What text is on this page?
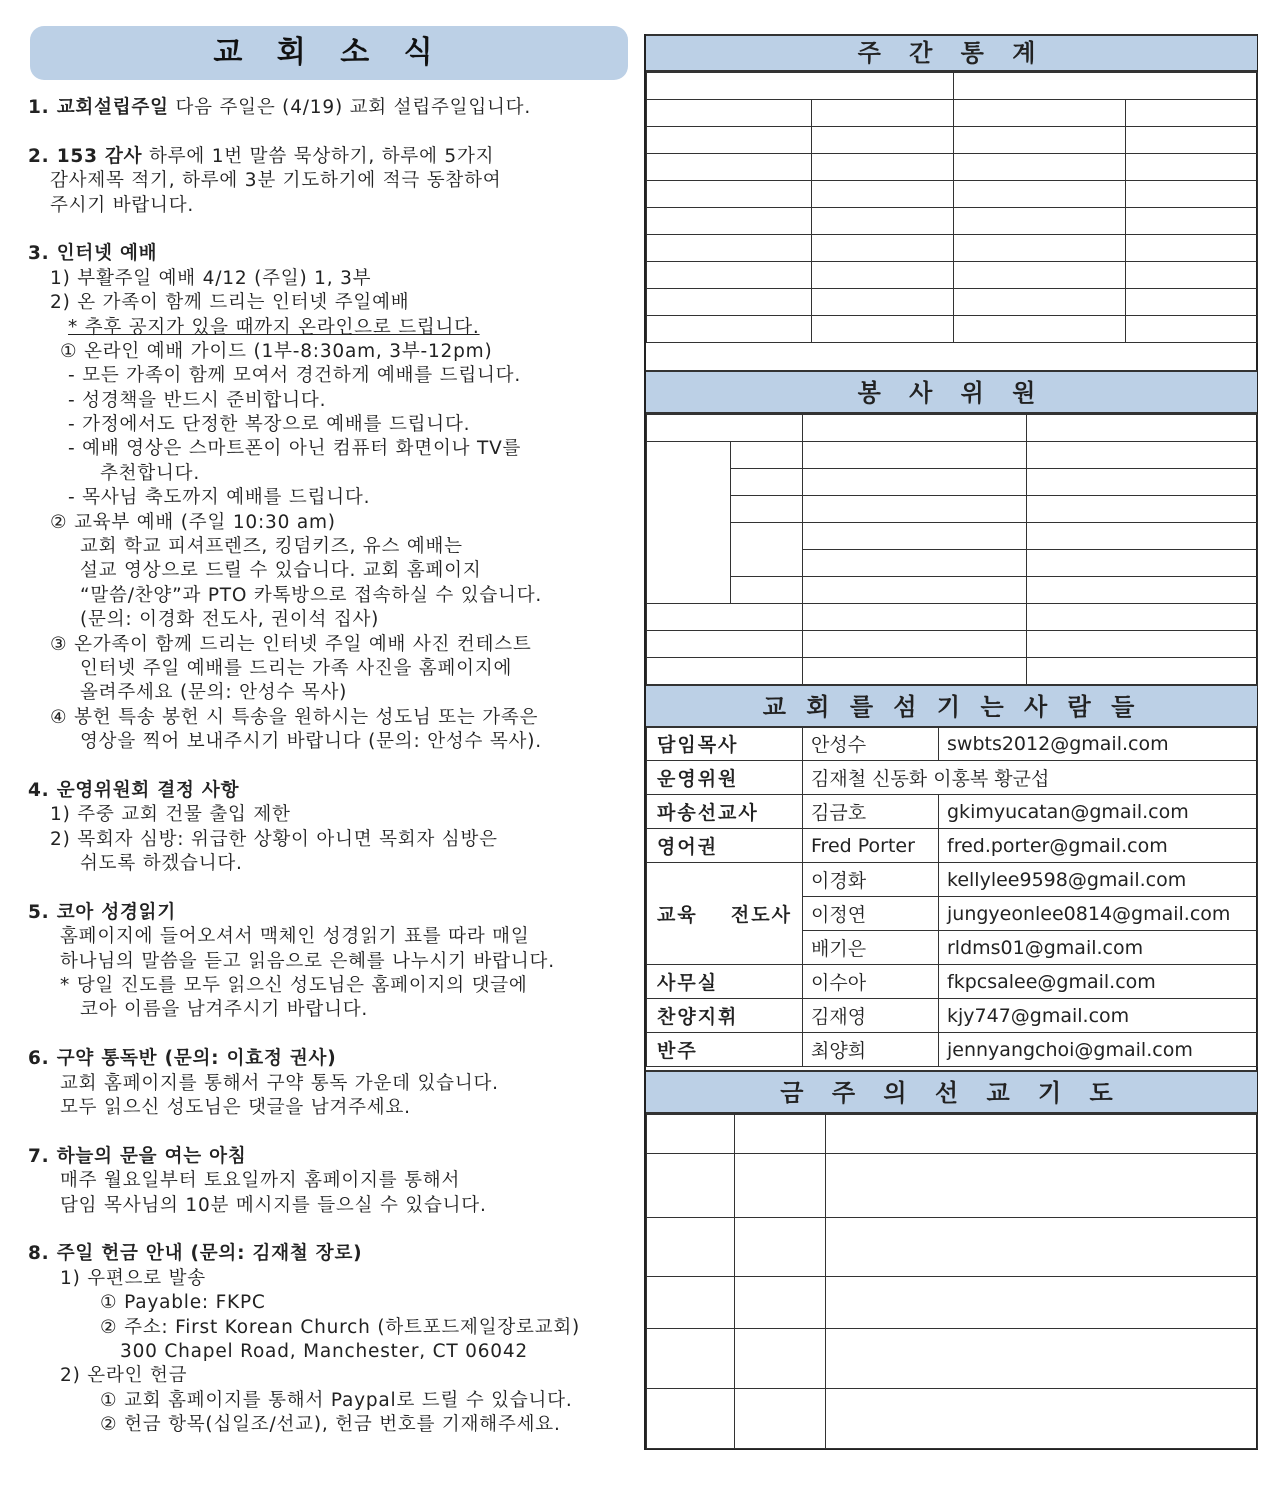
교 회 소 식
1. 교회설립주일 다음 주일은 (4/19) 교회 설립주일입니다.
2. 153 감사 하루에 1번 말씀 묵상하기, 하루에 5가지
감사제목 적기, 하루에 3분 기도하기에 적극 동참하여
주시기 바랍니다.
3. 인터넷 예배
1) 부활주일 예배 4/12 (주일) 1, 3부
2) 온 가족이 함께 드리는 인터넷 주일예배
* 추후 공지가 있을 때까지 온라인으로 드립니다.
① 온라인 예배 가이드 (1부-8:30am, 3부-12pm)
- 모든 가족이 함께 모여서 경건하게 예배를 드립니다.
- 성경책을 반드시 준비합니다.
- 가정에서도 단정한 복장으로 예배를 드립니다.
- 예배 영상은 스마트폰이 아닌 컴퓨터 화면이나 TV를
추천합니다.
- 목사님 축도까지 예배를 드립니다.
② 교육부 예배 (주일 10:30 am)
교회 학교 피셔프렌즈, 킹덤키즈, 유스 예배는
설교 영상으로 드릴 수 있습니다. 교회 홈페이지
“말씀/찬양”과 PTO 카톡방으로 접속하실 수 있습니다.
(문의: 이경화 전도사, 권이석 집사)
③ 온가족이 함께 드리는 인터넷 주일 예배 사진 컨테스트
인터넷 주일 예배를 드리는 가족 사진을 홈페이지에
올려주세요 (문의: 안성수 목사)
④ 봉헌 특송 봉헌 시 특송을 원하시는 성도님 또는 가족은
영상을 찍어 보내주시기 바랍니다 (문의: 안성수 목사).
4. 운영위원회 결정 사항
1) 주중 교회 건물 출입 제한
2) 목회자 심방: 위급한 상황이 아니면 목회자 심방은
쉬도록 하겠습니다.
5. 코아 성경읽기
홈페이지에 들어오셔서 맥체인 성경읽기 표를 따라 매일
하나님의 말씀을 듣고 읽음으로 은혜를 나누시기 바랍니다.
* 당일 진도를 모두 읽으신 성도님은 홈페이지의 댓글에
코아 이름을 남겨주시기 바랍니다.
6. 구약 통독반 (문의: 이효정 권사)
교회 홈페이지를 통해서 구약 통독 가운데 있습니다.
모두 읽으신 성도님은 댓글을 남겨주세요.
7. 하늘의 문을 여는 아침
매주 월요일부터 토요일까지 홈페이지를 통해서
담임 목사님의 10분 메시지를 들으실 수 있습니다.
8. 주일 헌금 안내 (문의: 김재철 장로)
1) 우편으로 발송
① Payable: FKPC
② 주소: First Korean Church (하트포드제일장로교회)
300 Chapel Road, Manchester, CT 06042
2) 온라인 헌금
① 교회 홈페이지를 통해서 Paypal로 드릴 수 있습니다.
② 헌금 항목(십일조/선교), 헌금 번호를 기재해주세요.
주 간 통 계

봉 사 위 원

교 회 를 섬 기 는 사 람 들
담임목사	안성수	swbts2012@gmail.com
운영위원	김재철 신동화 이홍복 황군섭	
파송선교사	김금호	gkimyucatan@gmail.com
영어권	Fred Porter	fred.porter@gmail.com
교육 전도사	이경화	kellylee9598@gmail.com
	이정연	jungyeonlee0814@gmail.com
	배기은	rldms01@gmail.com
사무실	이수아	fkpcsalee@gmail.com
찬양지휘	김재영	kjy747@gmail.com
반주	최양희	jennyangchoi@gmail.com
금 주 의 선 교 기 도
